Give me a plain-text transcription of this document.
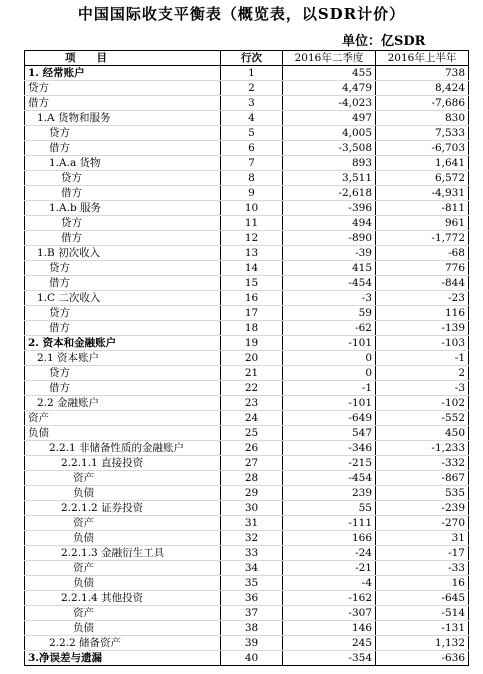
中国国际收支平衡表（概览表，以SDR计价）
单位：亿SDR
项　　目	行次	2016年二季度	2016年上半年
1. 经常账户	1	455	738
贷方	2	4,479	8,424
借方	3	-4,023	-7,686
1.A 货物和服务	4	497	830
贷方	5	4,005	7,533
借方	6	-3,508	-6,703
1.A.a 货物	7	893	1,641
贷方	8	3,511	6,572
借方	9	-2,618	-4,931
1.A.b 服务	10	-396	-811
贷方	11	494	961
借方	12	-890	-1,772
1.B 初次收入	13	-39	-68
贷方	14	415	776
借方	15	-454	-844
1.C 二次收入	16	-3	-23
贷方	17	59	116
借方	18	-62	-139
2. 资本和金融账户	19	-101	-103
2.1 资本账户	20	0	-1
贷方	21	0	2
借方	22	-1	-3
2.2 金融账户	23	-101	-102
资产	24	-649	-552
负债	25	547	450
2.2.1 非储备性质的金融账户	26	-346	-1,233
2.2.1.1 直接投资	27	-215	-332
资产	28	-454	-867
负债	29	239	535
2.2.1.2 证券投资	30	55	-239
资产	31	-111	-270
负债	32	166	31
2.2.1.3 金融衍生工具	33	-24	-17
资产	34	-21	-33
负债	35	-4	16
2.2.1.4 其他投资	36	-162	-645
资产	37	-307	-514
负债	38	146	-131
2.2.2 储备资产	39	245	1,132
3.净误差与遗漏	40	-354	-636
